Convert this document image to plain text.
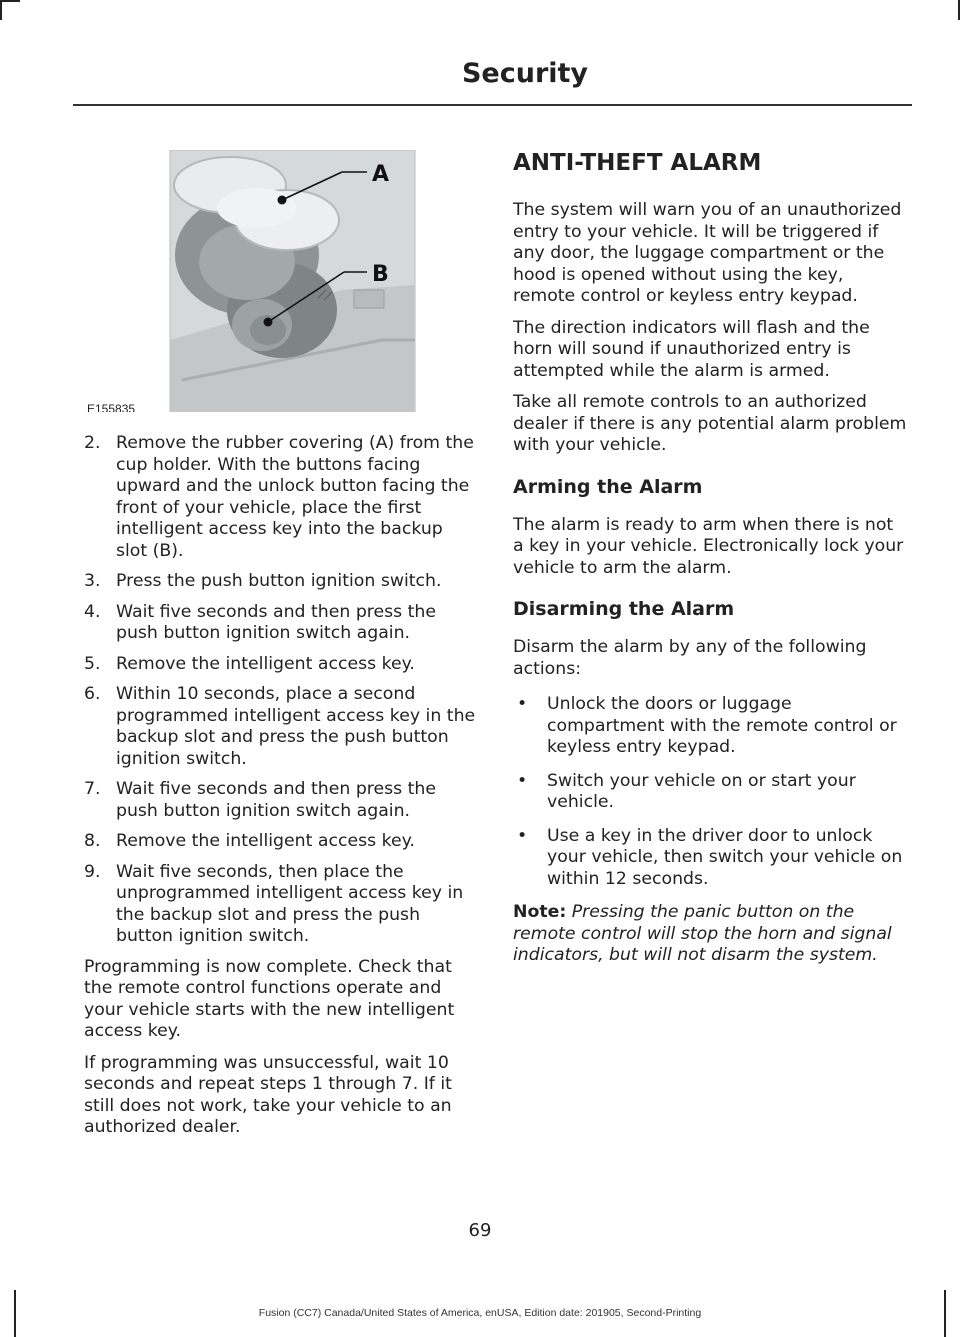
Security
A
B
E155835
2. Remove the rubber covering (A) from the cup holder. With the buttons facing upward and the unlock button facing the front of your vehicle, place the first intelligent access key into the backup slot (B).
3. Press the push button ignition switch.
4. Wait five seconds and then press the push button ignition switch again.
5. Remove the intelligent access key.
6. Within 10 seconds, place a second programmed intelligent access key in the backup slot and press the push button ignition switch.
7. Wait five seconds and then press the push button ignition switch again.
8. Remove the intelligent access key.
9. Wait five seconds, then place the unprogrammed intelligent access key in the backup slot and press the push button ignition switch.

Programming is now complete. Check that the remote control functions operate and your vehicle starts with the new intelligent access key.

If programming was unsuccessful, wait 10 seconds and repeat steps 1 through 7. If it still does not work, take your vehicle to an authorized dealer.

ANTI-THEFT ALARM

The system will warn you of an unauthorized entry to your vehicle. It will be triggered if any door, the luggage compartment or the hood is opened without using the key, remote control or keyless entry keypad.

The direction indicators will flash and the horn will sound if unauthorized entry is attempted while the alarm is armed.

Take all remote controls to an authorized dealer if there is any potential alarm problem with your vehicle.

Arming the Alarm

The alarm is ready to arm when there is not a key in your vehicle. Electronically lock your vehicle to arm the alarm.

Disarming the Alarm

Disarm the alarm by any of the following actions:

•	Unlock the doors or luggage compartment with the remote control or keyless entry keypad.
•	Switch your vehicle on or start your vehicle.
•	Use a key in the driver door to unlock your vehicle, then switch your vehicle on within 12 seconds.

Note: Pressing the panic button on the remote control will stop the horn and signal indicators, but will not disarm the system.

69
Fusion (CC7) Canada/United States of America, enUSA, Edition date: 201905, Second-Printing
